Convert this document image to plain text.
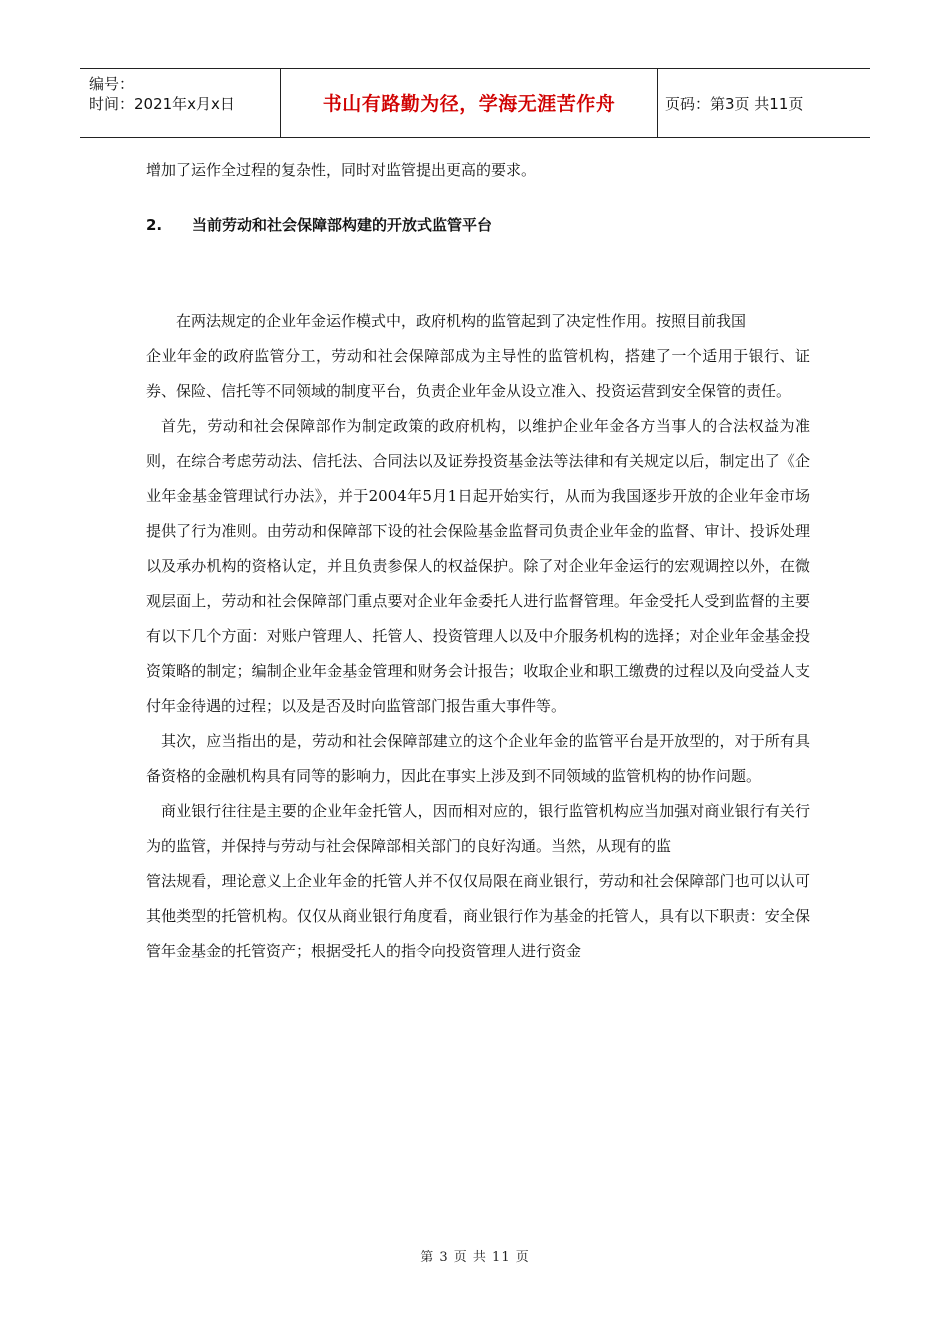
编号：
时间：2021年x月x日	书山有路勤为径，学海无涯苦作舟	页码：第3页 共11页

增加了运作全过程的复杂性，同时对监管提出更高的要求。

2. 当前劳动和社会保障部构建的开放式监管平台

在两法规定的企业年金运作模式中，政府机构的监管起到了决定性作用。按照目前我国

企业年金的政府监管分工，劳动和社会保障部成为主导性的监管机构，搭建了一个适用于银行、证券、保险、信托等不同领域的制度平台，负责企业年金从设立准入、投资运营到安全保管的责任。

首先，劳动和社会保障部作为制定政策的政府机构，以维护企业年金各方当事人的合法权益为准则，在综合考虑劳动法、信托法、合同法以及证券投资基金法等法律和有关规定以后，制定出了《企业年金基金管理试行办法》，并于2004年5月1日起开始实行，从而为我国逐步开放的企业年金市场提供了行为准则。由劳动和保障部下设的社会保险基金监督司负责企业年金的监督、审计、投诉处理以及承办机构的资格认定，并且负责参保人的权益保护。除了对企业年金运行的宏观调控以外，在微观层面上，劳动和社会保障部门重点要对企业年金委托人进行监督管理。年金受托人受到监督的主要有以下几个方面：对账户管理人、托管人、投资管理人以及中介服务机构的选择；对企业年金基金投资策略的制定；编制企业年金基金管理和财务会计报告；收取企业和职工缴费的过程以及向受益人支付年金待遇的过程；以及是否及时向监管部门报告重大事件等。

其次，应当指出的是，劳动和社会保障部建立的这个企业年金的监管平台是开放型的，对于所有具备资格的金融机构具有同等的影响力，因此在事实上涉及到不同领域的监管机构的协作问题。

商业银行往往是主要的企业年金托管人，因而相对应的，银行监管机构应当加强对商业银行有关行为的监管，并保持与劳动与社会保障部相关部门的良好沟通。当然，从现有的监

管法规看，理论意义上企业年金的托管人并不仅仅局限在商业银行，劳动和社会保障部门也可以认可其他类型的托管机构。仅仅从商业银行角度看，商业银行作为基金的托管人，具有以下职责：安全保管年金基金的托管资产；根据受托人的指令向投资管理人进行资金

第 3 页 共 11 页
